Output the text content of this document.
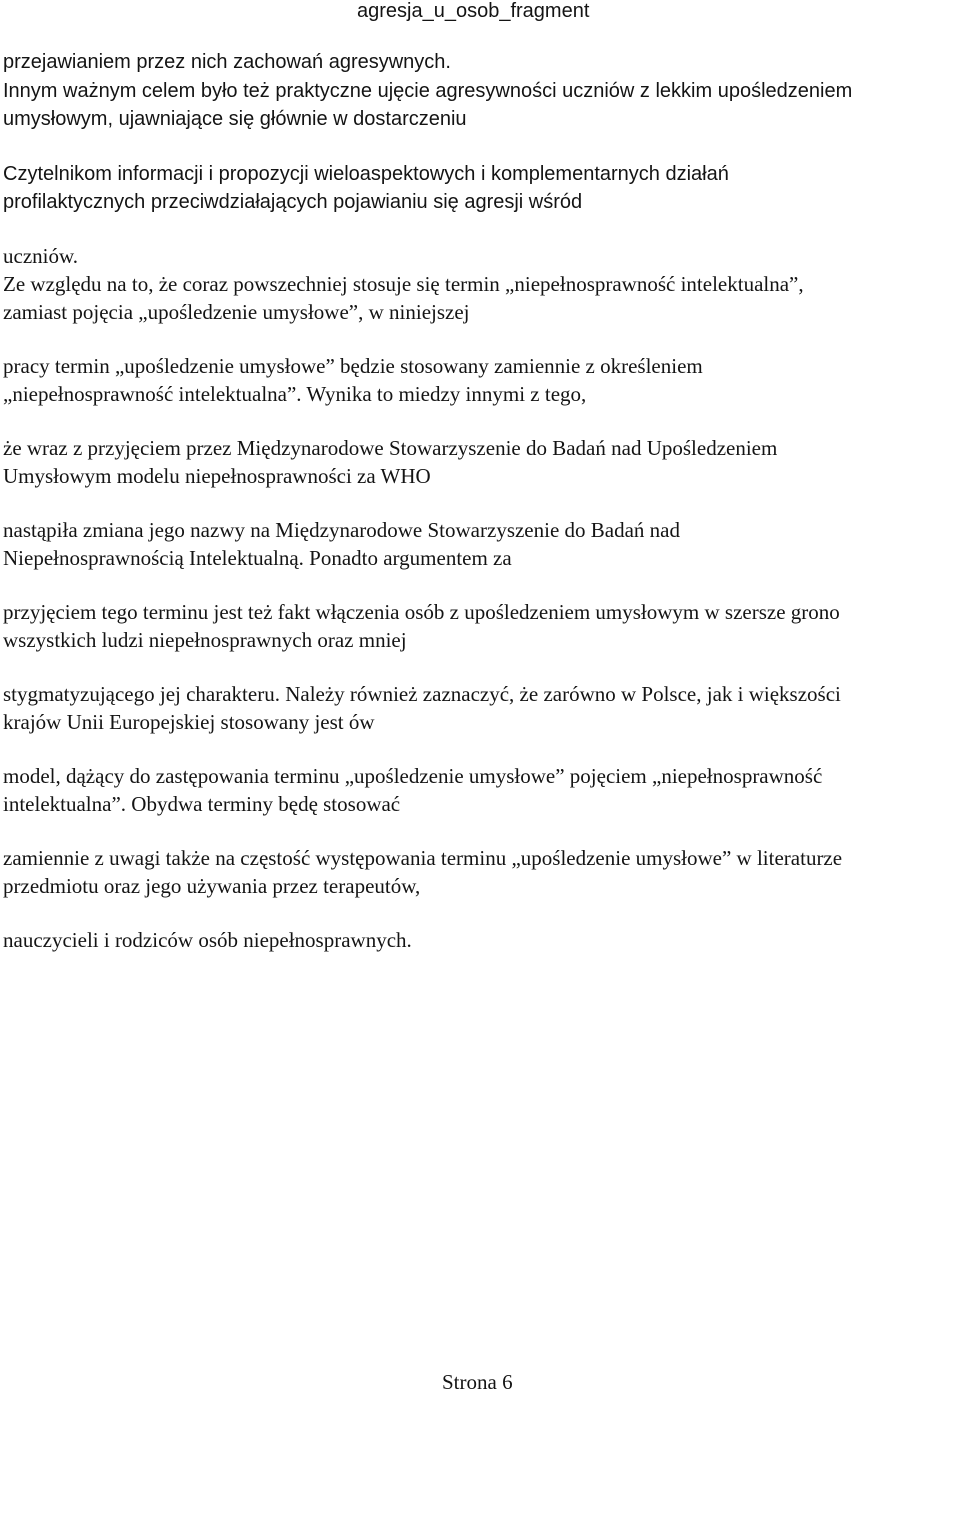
agresja_u_osob_fragment
przejawianiem przez nich zachowań agresywnych.
Innym ważnym celem było też praktyczne ujęcie agresywności uczniów z lekkim upośledzeniem
umysłowym, ujawniające się głównie w dostarczeniu
Czytelnikom informacji i propozycji wieloaspektowych i komplementarnych działań
profilaktycznych przeciwdziałających pojawianiu się agresji wśród
uczniów.
Ze względu na to, że coraz powszechniej stosuje się termin „niepełnosprawność intelektualna”,
zamiast pojęcia „upośledzenie umysłowe”, w niniejszej
pracy termin „upośledzenie umysłowe” będzie stosowany zamiennie z określeniem
„niepełnosprawność intelektualna”. Wynika to miedzy innymi z tego,
że wraz z przyjęciem przez Międzynarodowe Stowarzyszenie do Badań nad Upośledzeniem
Umysłowym modelu niepełnosprawności za WHO
nastąpiła zmiana jego nazwy na Międzynarodowe Stowarzyszenie do Badań nad
Niepełnosprawnością Intelektualną. Ponadto argumentem za
przyjęciem tego terminu jest też fakt włączenia osób z upośledzeniem umysłowym w szersze grono
wszystkich ludzi niepełnosprawnych oraz mniej
stygmatyzującego jej charakteru. Należy również zaznaczyć, że zarówno w Polsce, jak i większości
krajów Unii Europejskiej stosowany jest ów
model, dążący do zastępowania terminu „upośledzenie umysłowe” pojęciem „niepełnosprawność
intelektualna”. Obydwa terminy będę stosować
zamiennie z uwagi także na częstość występowania terminu „upośledzenie umysłowe” w literaturze
przedmiotu oraz jego używania przez terapeutów,
nauczycieli i rodziców osób niepełnosprawnych.
Strona 6
